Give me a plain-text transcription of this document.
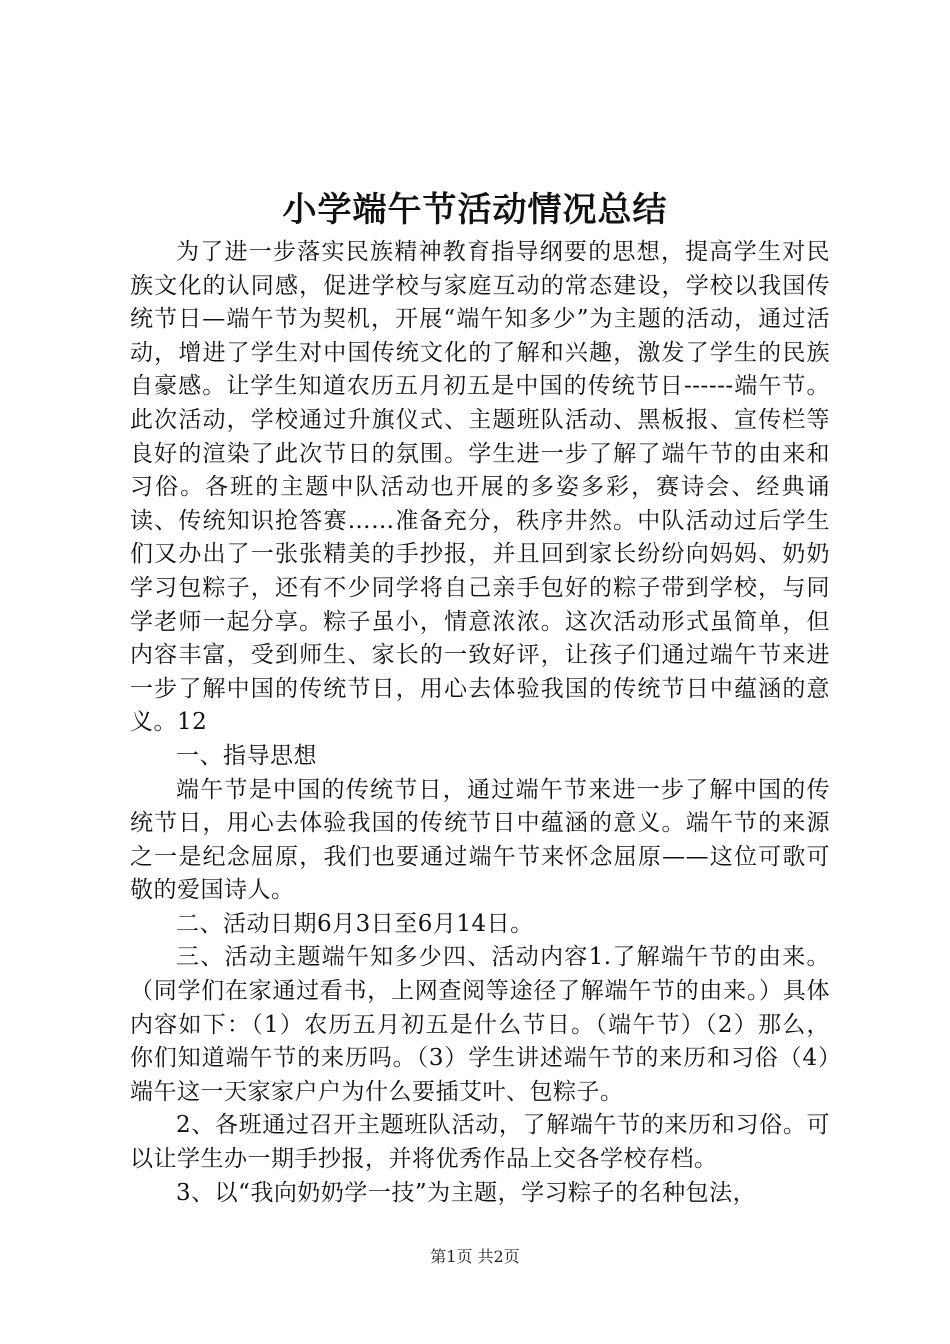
小学端午节活动情况总结

为了进一步落实民族精神教育指导纲要的思想，提高学生对民族文化的认同感，促进学校与家庭互动的常态建设，学校以我国传统节日—端午节为契机，开展“端午知多少”为主题的活动，通过活动，增进了学生对中国传统文化的了解和兴趣，激发了学生的民族自豪感。让学生知道农历五月初五是中国的传统节日------端午节。此次活动，学校通过升旗仪式、主题班队活动、黑板报、宣传栏等良好的渲染了此次节日的氛围。学生进一步了解了端午节的由来和习俗。各班的主题中队活动也开展的多姿多彩，赛诗会、经典诵读、传统知识抢答赛……准备充分，秩序井然。中队活动过后学生们又办出了一张张精美的手抄报，并且回到家长纷纷向妈妈、奶奶学习包粽子，还有不少同学将自己亲手包好的粽子带到学校，与同学老师一起分享。粽子虽小，情意浓浓。这次活动形式虽简单，但内容丰富，受到师生、家长的一致好评，让孩子们通过端午节来进一步了解中国的传统节日，用心去体验我国的传统节日中蕴涵的意义。12

一、指导思想

端午节是中国的传统节日，通过端午节来进一步了解中国的传统节日，用心去体验我国的传统节日中蕴涵的意义。端午节的来源之一是纪念屈原，我们也要通过端午节来怀念屈原——这位可歌可敬的爱国诗人。

二、活动日期6月3日至6月14日。

三、活动主题端午知多少四、活动内容1.了解端午节的由来。（同学们在家通过看书，上网查阅等途径了解端午节的由来。）具体内容如下：（1）农历五月初五是什么节日。（端午节）（2）那么，你们知道端午节的来历吗。（3）学生讲述端午节的来历和习俗（4）端午这一天家家户户为什么要插艾叶、包粽子。

2、各班通过召开主题班队活动，了解端午节的来历和习俗。可以让学生办一期手抄报，并将优秀作品上交各学校存档。

3、以“我向奶奶学一技”为主题，学习粽子的名种包法，

第1页 共2页
